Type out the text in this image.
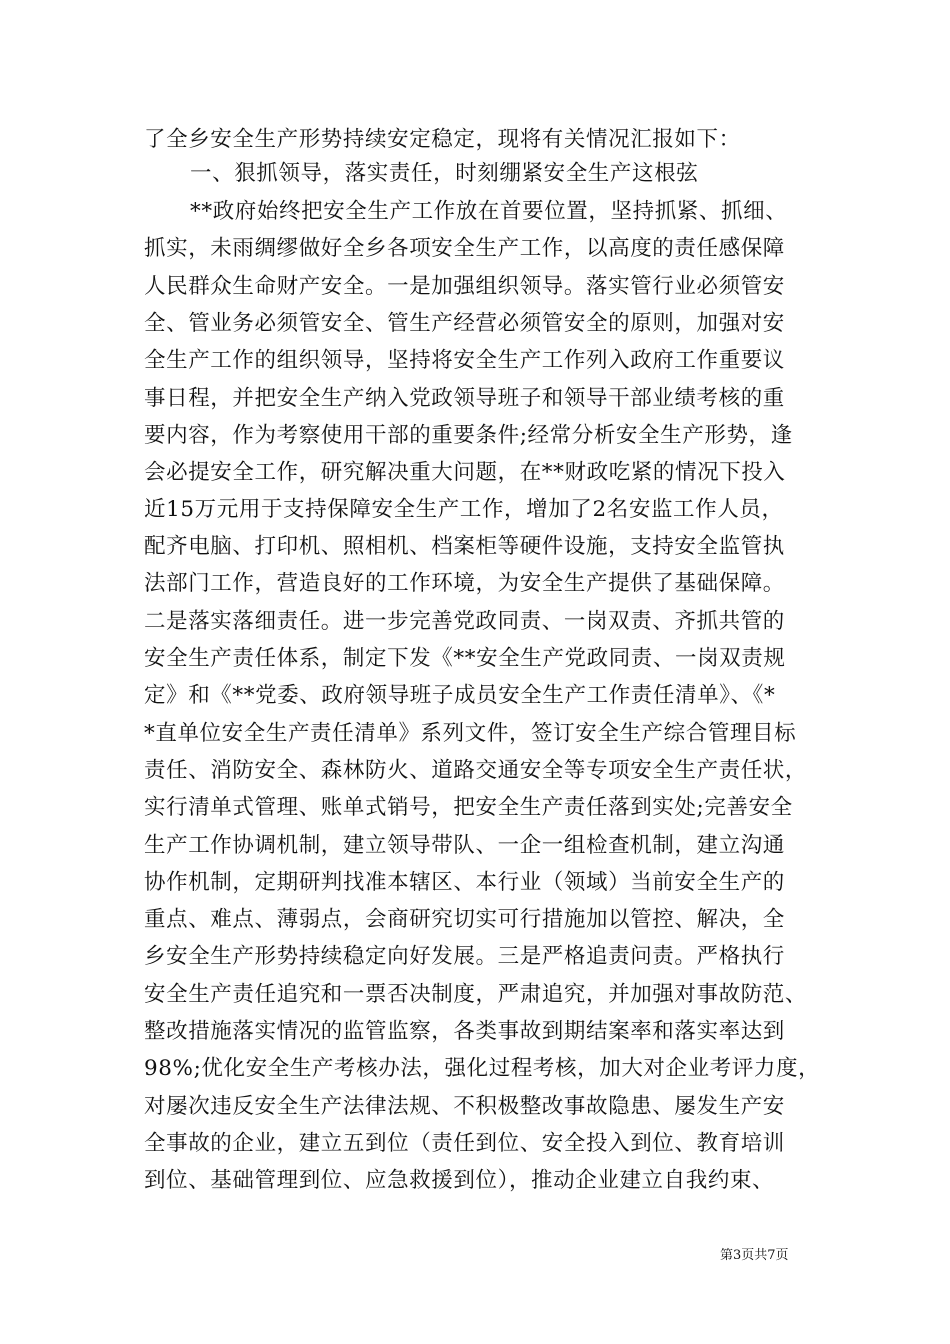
了全乡安全生产形势持续安定稳定，现将有关情况汇报如下：
一、狠抓领导，落实责任，时刻绷紧安全生产这根弦
**政府始终把安全生产工作放在首要位置，坚持抓紧、抓细、
抓实，未雨绸缪做好全乡各项安全生产工作，以高度的责任感保障
人民群众生命财产安全。一是加强组织领导。落实管行业必须管安
全、管业务必须管安全、管生产经营必须管安全的原则，加强对安
全生产工作的组织领导，坚持将安全生产工作列入政府工作重要议
事日程，并把安全生产纳入党政领导班子和领导干部业绩考核的重
要内容，作为考察使用干部的重要条件;经常分析安全生产形势，逢
会必提安全工作，研究解决重大问题，在**财政吃紧的情况下投入
近15万元用于支持保障安全生产工作，增加了2名安监工作人员，
配齐电脑、打印机、照相机、档案柜等硬件设施，支持安全监管执
法部门工作，营造良好的工作环境，为安全生产提供了基础保障。
二是落实落细责任。进一步完善党政同责、一岗双责、齐抓共管的
安全生产责任体系，制定下发《**安全生产党政同责、一岗双责规
定》和《**党委、政府领导班子成员安全生产工作责任清单》、《*
*直单位安全生产责任清单》系列文件，签订安全生产综合管理目标
责任、消防安全、森林防火、道路交通安全等专项安全生产责任状，
实行清单式管理、账单式销号，把安全生产责任落到实处;完善安全
生产工作协调机制，建立领导带队、一企一组检查机制，建立沟通
协作机制，定期研判找准本辖区、本行业（领域）当前安全生产的
重点、难点、薄弱点，会商研究切实可行措施加以管控、解决，全
乡安全生产形势持续稳定向好发展。三是严格追责问责。严格执行
安全生产责任追究和一票否决制度，严肃追究，并加强对事故防范、
整改措施落实情况的监管监察，各类事故到期结案率和落实率达到
98%;优化安全生产考核办法，强化过程考核，加大对企业考评力度，
对屡次违反安全生产法律法规、不积极整改事故隐患、屡发生产安
全事故的企业，建立五到位（责任到位、安全投入到位、教育培训
到位、基础管理到位、应急救援到位），推动企业建立自我约束、
第3页共7页
